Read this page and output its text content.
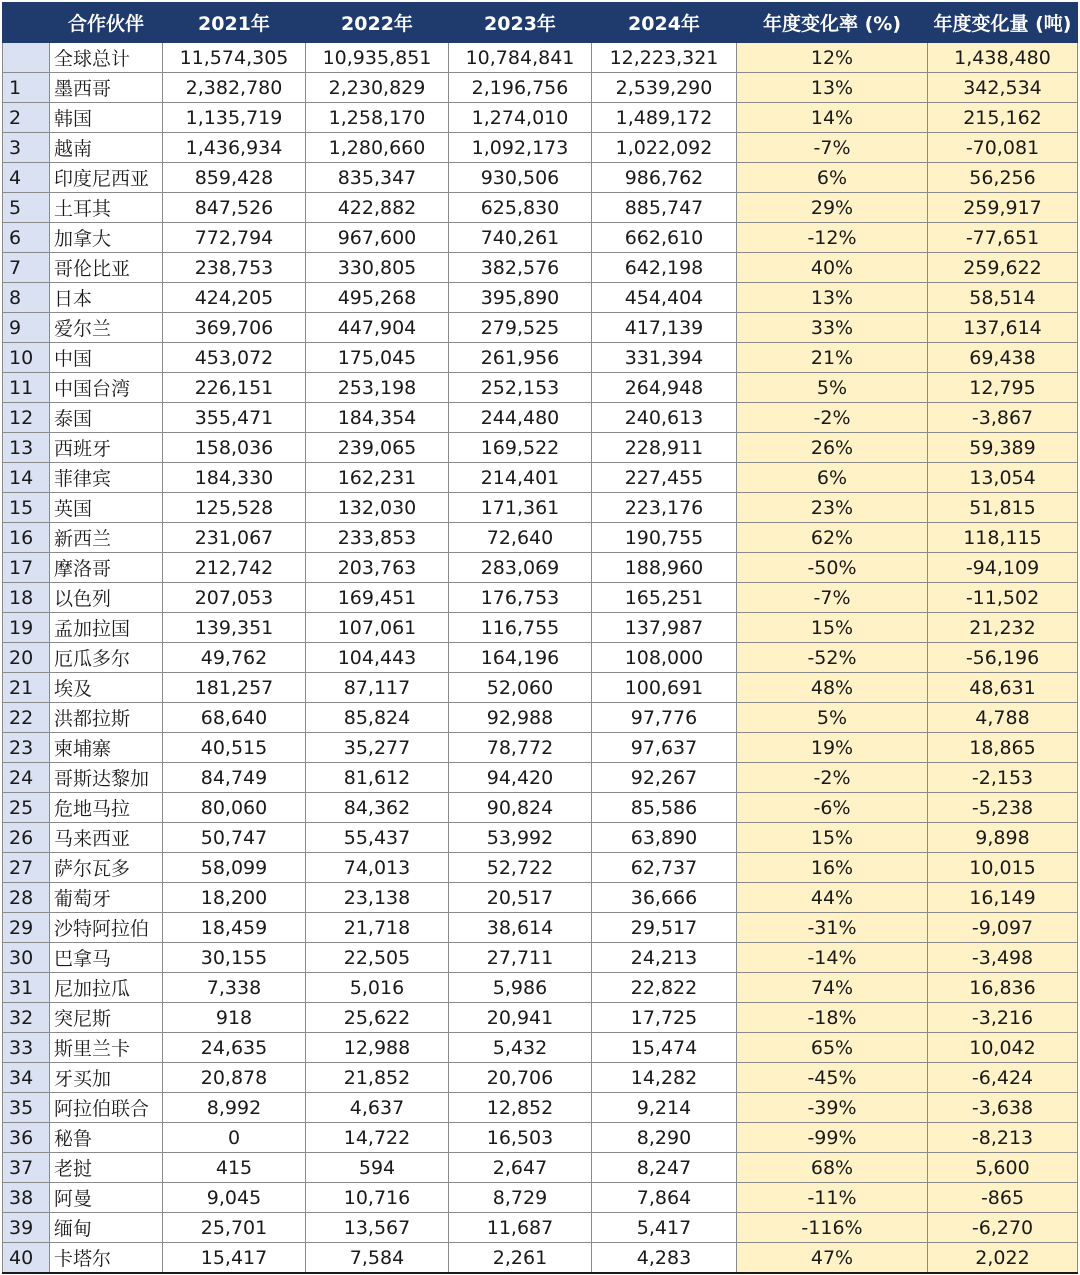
	合作伙伴	2021年	2022年	2023年	2024年	年度变化率 (%)	年度变化量 (吨)
	全球总计	11,574,305	10,935,851	10,784,841	12,223,321	12%	1,438,480
1	墨西哥	2,382,780	2,230,829	2,196,756	2,539,290	13%	342,534
2	韩国	1,135,719	1,258,170	1,274,010	1,489,172	14%	215,162
3	越南	1,436,934	1,280,660	1,092,173	1,022,092	-7%	-70,081
4	印度尼西亚	859,428	835,347	930,506	986,762	6%	56,256
5	土耳其	847,526	422,882	625,830	885,747	29%	259,917
6	加拿大	772,794	967,600	740,261	662,610	-12%	-77,651
7	哥伦比亚	238,753	330,805	382,576	642,198	40%	259,622
8	日本	424,205	495,268	395,890	454,404	13%	58,514
9	爱尔兰	369,706	447,904	279,525	417,139	33%	137,614
10	中国	453,072	175,045	261,956	331,394	21%	69,438
11	中国台湾	226,151	253,198	252,153	264,948	5%	12,795
12	泰国	355,471	184,354	244,480	240,613	-2%	-3,867
13	西班牙	158,036	239,065	169,522	228,911	26%	59,389
14	菲律宾	184,330	162,231	214,401	227,455	6%	13,054
15	英国	125,528	132,030	171,361	223,176	23%	51,815
16	新西兰	231,067	233,853	72,640	190,755	62%	118,115
17	摩洛哥	212,742	203,763	283,069	188,960	-50%	-94,109
18	以色列	207,053	169,451	176,753	165,251	-7%	-11,502
19	孟加拉国	139,351	107,061	116,755	137,987	15%	21,232
20	厄瓜多尔	49,762	104,443	164,196	108,000	-52%	-56,196
21	埃及	181,257	87,117	52,060	100,691	48%	48,631
22	洪都拉斯	68,640	85,824	92,988	97,776	5%	4,788
23	柬埔寨	40,515	35,277	78,772	97,637	19%	18,865
24	哥斯达黎加	84,749	81,612	94,420	92,267	-2%	-2,153
25	危地马拉	80,060	84,362	90,824	85,586	-6%	-5,238
26	马来西亚	50,747	55,437	53,992	63,890	15%	9,898
27	萨尔瓦多	58,099	74,013	52,722	62,737	16%	10,015
28	葡萄牙	18,200	23,138	20,517	36,666	44%	16,149
29	沙特阿拉伯	18,459	21,718	38,614	29,517	-31%	-9,097
30	巴拿马	30,155	22,505	27,711	24,213	-14%	-3,498
31	尼加拉瓜	7,338	5,016	5,986	22,822	74%	16,836
32	突尼斯	918	25,622	20,941	17,725	-18%	-3,216
33	斯里兰卡	24,635	12,988	5,432	15,474	65%	10,042
34	牙买加	20,878	21,852	20,706	14,282	-45%	-6,424
35	阿拉伯联合	8,992	4,637	12,852	9,214	-39%	-3,638
36	秘鲁	0	14,722	16,503	8,290	-99%	-8,213
37	老挝	415	594	2,647	8,247	68%	5,600
38	阿曼	9,045	10,716	8,729	7,864	-11%	-865
39	缅甸	25,701	13,567	11,687	5,417	-116%	-6,270
40	卡塔尔	15,417	7,584	2,261	4,283	47%	2,022
